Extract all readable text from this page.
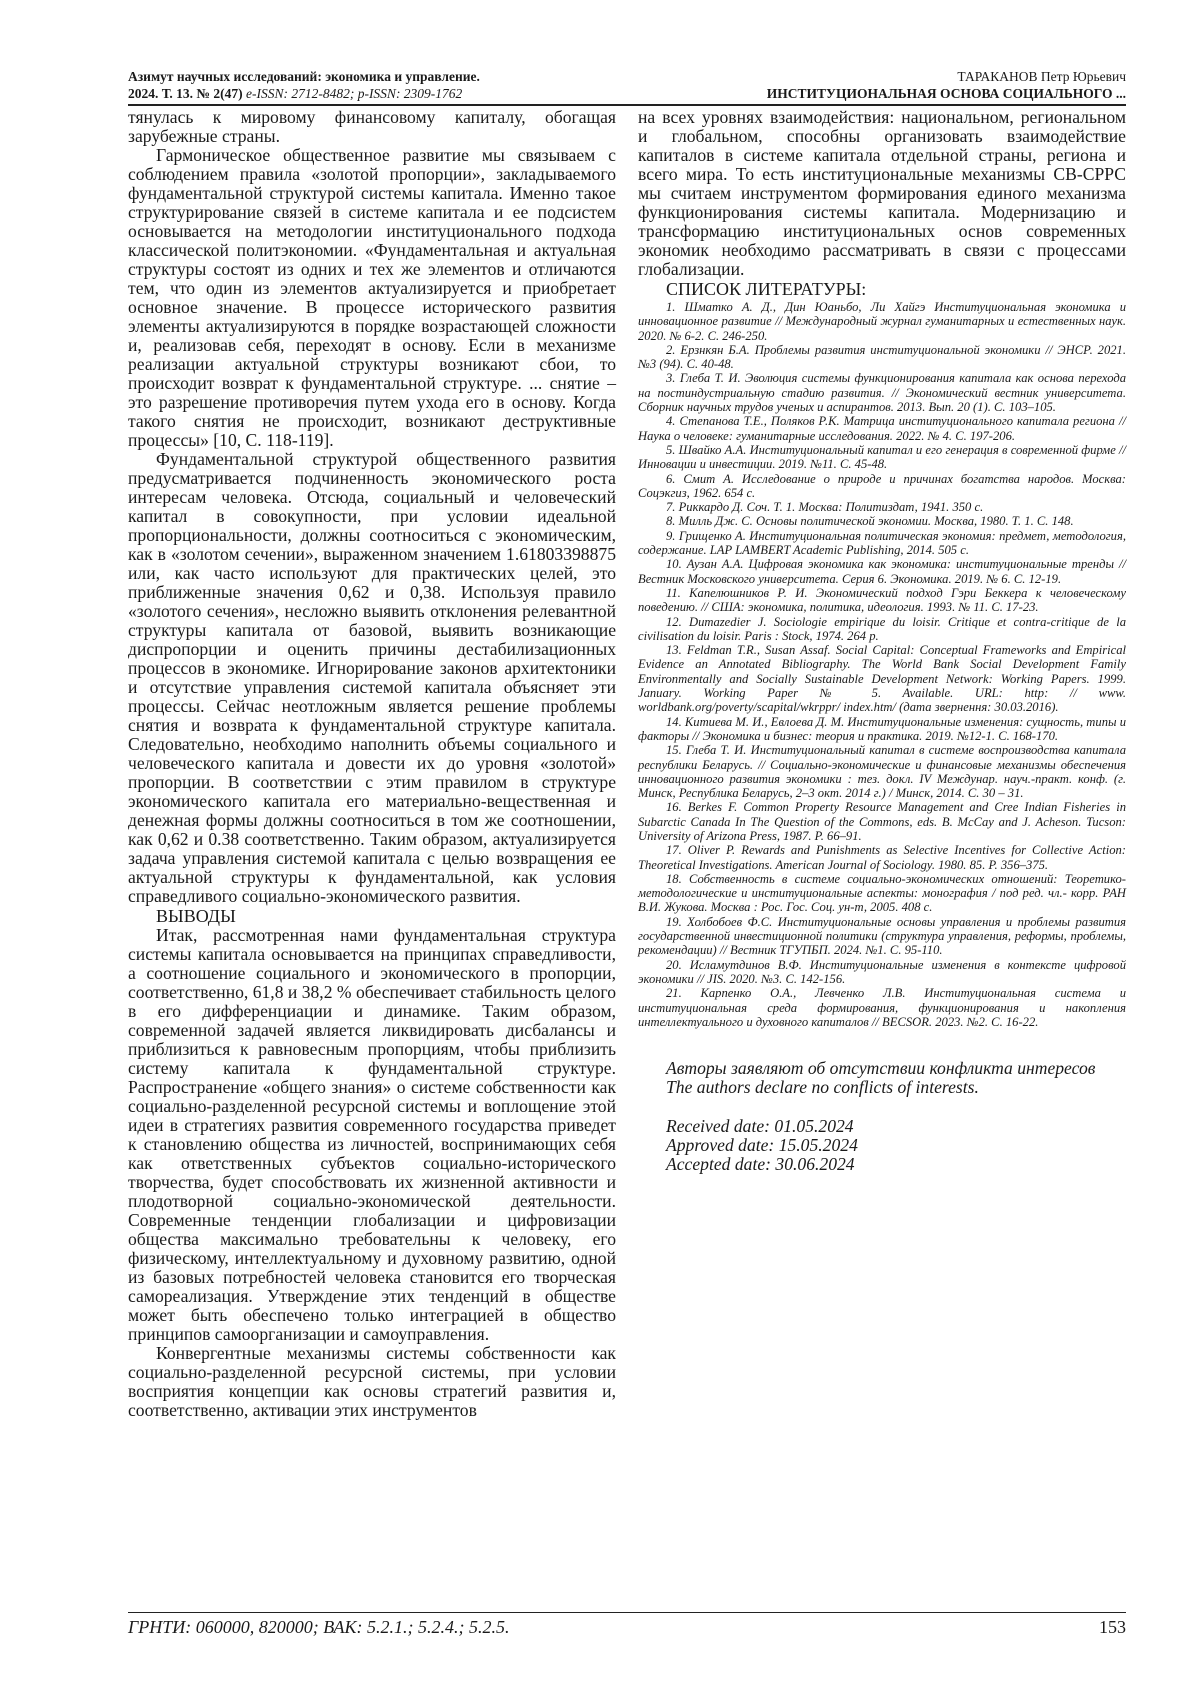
Азимут научных исследований: экономика и управление.
2024. Т. 13. № 2(47) e-ISSN: 2712-8482; p-ISSN: 2309-1762
ТАРАКАНОВ Петр Юрьевич
ИНСТИТУЦИОНАЛЬНАЯ ОСНОВА СОЦИАЛЬНОГО ...

тянулась к мировому финансовому капиталу, обогащая зарубежные страны.

Гармоническое общественное развитие мы связываем с соблюдением правила «золотой пропорции», закладываемого фундаментальной структурой системы капитала. Именно такое структурирование связей в системе капитала и ее подсистем основывается на методологии институционального подхода классической политэкономии. «Фундаментальная и актуальная структуры состоят из одних и тех же элементов и отличаются тем, что один из элементов актуализируется и приобретает основное значение. В процессе исторического развития элементы актуализируются в порядке возрастающей сложности и, реализовав себя, переходят в основу. Если в механизме реализации актуальной структуры возникают сбои, то происходит возврат к фундаментальной структуре. ... снятие – это разрешение противоречия путем ухода его в основу. Когда такого снятия не происходит, возникают деструктивные процессы» [10, С. 118-119].

Фундаментальной структурой общественного развития предусматривается подчиненность экономического роста интересам человека. Отсюда, социальный и человеческий капитал в совокупности, при условии идеальной пропорциональности, должны соотноситься с экономическим, как в «золотом сечении», выраженном значением 1.61803398875 или, как часто используют для практических целей, это приближенные значения 0,62 и 0,38. Используя правило «золотого сечения», несложно выявить отклонения релевантной структуры капитала от базовой, выявить возникающие диспропорции и оценить причины дестабилизационных процессов в экономике. Игнорирование законов архитектоники и отсутствие управления системой капитала объясняет эти процессы. Сейчас неотложным является решение проблемы снятия и возврата к фундаментальной структуре капитала. Следовательно, необходимо наполнить объемы социального и человеческого капитала и довести их до уровня «золотой» пропорции. В соответствии с этим правилом в структуре экономического капитала его материально-вещественная и денежная формы должны соотноситься в том же соотношении, как 0,62 и 0.38 соответственно. Таким образом, актуализируется задача управления системой капитала с целью возвращения ее актуальной структуры к фундаментальной, как условия справедливого социально-экономического развития.

ВЫВОДЫ

Итак, рассмотренная нами фундаментальная структура системы капитала основывается на принципах справедливости, а соотношение социального и экономического в пропорции, соответственно, 61,8 и 38,2 % обеспечивает стабильность целого в его дифференциации и динамике. Таким образом, современной задачей является ликвидировать дисбалансы и приблизиться к равновесным пропорциям, чтобы приблизить систему капитала к фундаментальной структуре. Распространение «общего знания» о системе собственности как социально-разделенной ресурсной системы и воплощение этой идеи в стратегиях развития современного государства приведет к становлению общества из личностей, воспринимающих себя как ответственных субъектов социально-исторического творчества, будет способствовать их жизненной активности и плодотворной социально-экономической деятельности. Современные тенденции глобализации и цифровизации общества максимально требовательны к человеку, его физическому, интеллектуальному и духовному развитию, одной из базовых потребностей человека становится его творческая самореализация. Утверждение этих тенденций в обществе может быть обеспечено только интеграцией в общество принципов самоорганизации и самоуправления.

Конвергентные механизмы системы собственности как социально-разделенной ресурсной системы, при условии восприятия концепции как основы стратегий развития и, соответственно, активации этих инструментов

на всех уровнях взаимодействия: национальном, региональном и глобальном, способны организовать взаимодействие капиталов в системе капитала отдельной страны, региона и всего мира. То есть институциональные механизмы СВ-СРРС мы считаем инструментом формирования единого механизма функционирования системы капитала. Модернизацию и трансформацию институциональных основ современных экономик необходимо рассматривать в связи с процессами глобализации.

СПИСОК ЛИТЕРАТУРЫ:

1. Шматко А. Д., Дин Юаньбо, Ли Хайгэ Институциональная экономика и инновационное развитие // Международный журнал гуманитарных и естественных наук. 2020. № 6-2. С. 246-250.

2. Ерзнкян Б.А. Проблемы развития институциональной экономики // ЭНСР. 2021. №3 (94). С. 40-48.

3. Глеба Т. И. Эволюция системы функционирования капитала как основа перехода на постиндустриальную стадию развития. // Экономический вестник университета. Сборник научных трудов ученых и аспирантов. 2013. Вып. 20 (1). С. 103–105.

4. Степанова Т.Е., Поляков Р.К. Матрица институционального капитала региона // Наука о человеке: гуманитарные исследования. 2022. № 4. С. 197-206.

5. Швайко А.А. Институциональный капитал и его генерация в современной фирме // Инновации и инвестиции. 2019. №11. С. 45-48.

6. Смит А. Исследование о природе и причинах богатства народов. Москва: Соцэкгиз, 1962. 654 с.

7. Риккардо Д. Соч. Т. 1. Москва: Политиздат, 1941. 350 с.

8. Милль Дж. С. Основы политической экономии. Москва, 1980. Т. 1. С. 148.

9. Грищенко А. Институциональная политическая экономия: предмет, методология, содержание. LAP LAMBERT Academic Publishing, 2014. 505 с.

10. Аузан А.А. Цифровая экономика как экономика: институциональные тренды // Вестник Московского университета. Серия 6. Экономика. 2019. № 6. С. 12-19.

11. Капелюшников Р. И. Экономический подход Гэри Беккера к человеческому поведению. // США: экономика, политика, идеология. 1993. № 11. С. 17-23.

12. Dumazedier J. Sociologie empirique du loisir. Critique et contra-critique de la civilisation du loisir. Paris : Stock, 1974. 264 p.

13. Feldman T.R., Susan Assaf. Social Capital: Conceptual Frameworks and Empirical Evidence an Annotated Bibliography. The World Bank Social Development Family Environmentally and Socially Sustainable Development Network: Working Papers. 1999. January. Working Paper № 5. Available. URL: http: // www. worldbank.org/poverty/scapital/wkrppr/ index.htm/ (дата звернення: 30.03.2016).

14. Китиева М. И., Евлоева Д. М. Институциональные изменения: сущность, типы и факторы // Экономика и бизнес: теория и практика. 2019. №12-1. С. 168-170.

15. Глеба Т. И. Институциональный капитал в системе воспроизводства капитала республики Беларусь. // Социально-экономические и финансовые механизмы обеспечения инновационного развития экономики : тез. докл. IV Междунар. науч.-практ. конф. (г. Минск, Республика Беларусь, 2–3 окт. 2014 г.) / Минск, 2014. С. 30 – 31.

16. Berkes F. Common Property Resource Management and Cree Indian Fisheries in Subarctic Canada In The Question of the Commons, eds. B. McCay and J. Acheson. Tucson: University of Arizona Press, 1987. P. 66–91.

17. Oliver P. Rewards and Punishments as Selective Incentives for Collective Action: Theoretical Investigations. American Journal of Sociology. 1980. 85. P. 356–375.

18. Собственность в системе социально-экономических отношений: Теоретико-методологические и институциональные аспекты: монография / под ред. чл.- корр. РАН В.И. Жукова. Москва : Рос. Гос. Соц. ун-т, 2005. 408 с.

19. Холбобоев Ф.С. Институциональные основы управления и проблемы развития государственной инвестиционной политики (структура управления, реформы, проблемы, рекомендации) // Вестник ТГУПБП. 2024. №1. С. 95-110.

20. Исламутдинов В.Ф. Институциональные изменения в контексте цифровой экономики // JIS. 2020. №3. С. 142-156.

21. Карпенко О.А., Левченко Л.В. Институциональная система и институциональная среда формирования, функционирования и накопления интеллектуального и духовного капиталов // BECSOR. 2023. №2. С. 16-22.

Авторы заявляют об отсутствии конфликта интересов

The authors declare no conflicts of interests.

Received date: 01.05.2024

Approved date: 15.05.2024

Accepted date: 30.06.2024

ГРНТИ: 060000, 820000; ВАК: 5.2.1.; 5.2.4.; 5.2.5.	153
